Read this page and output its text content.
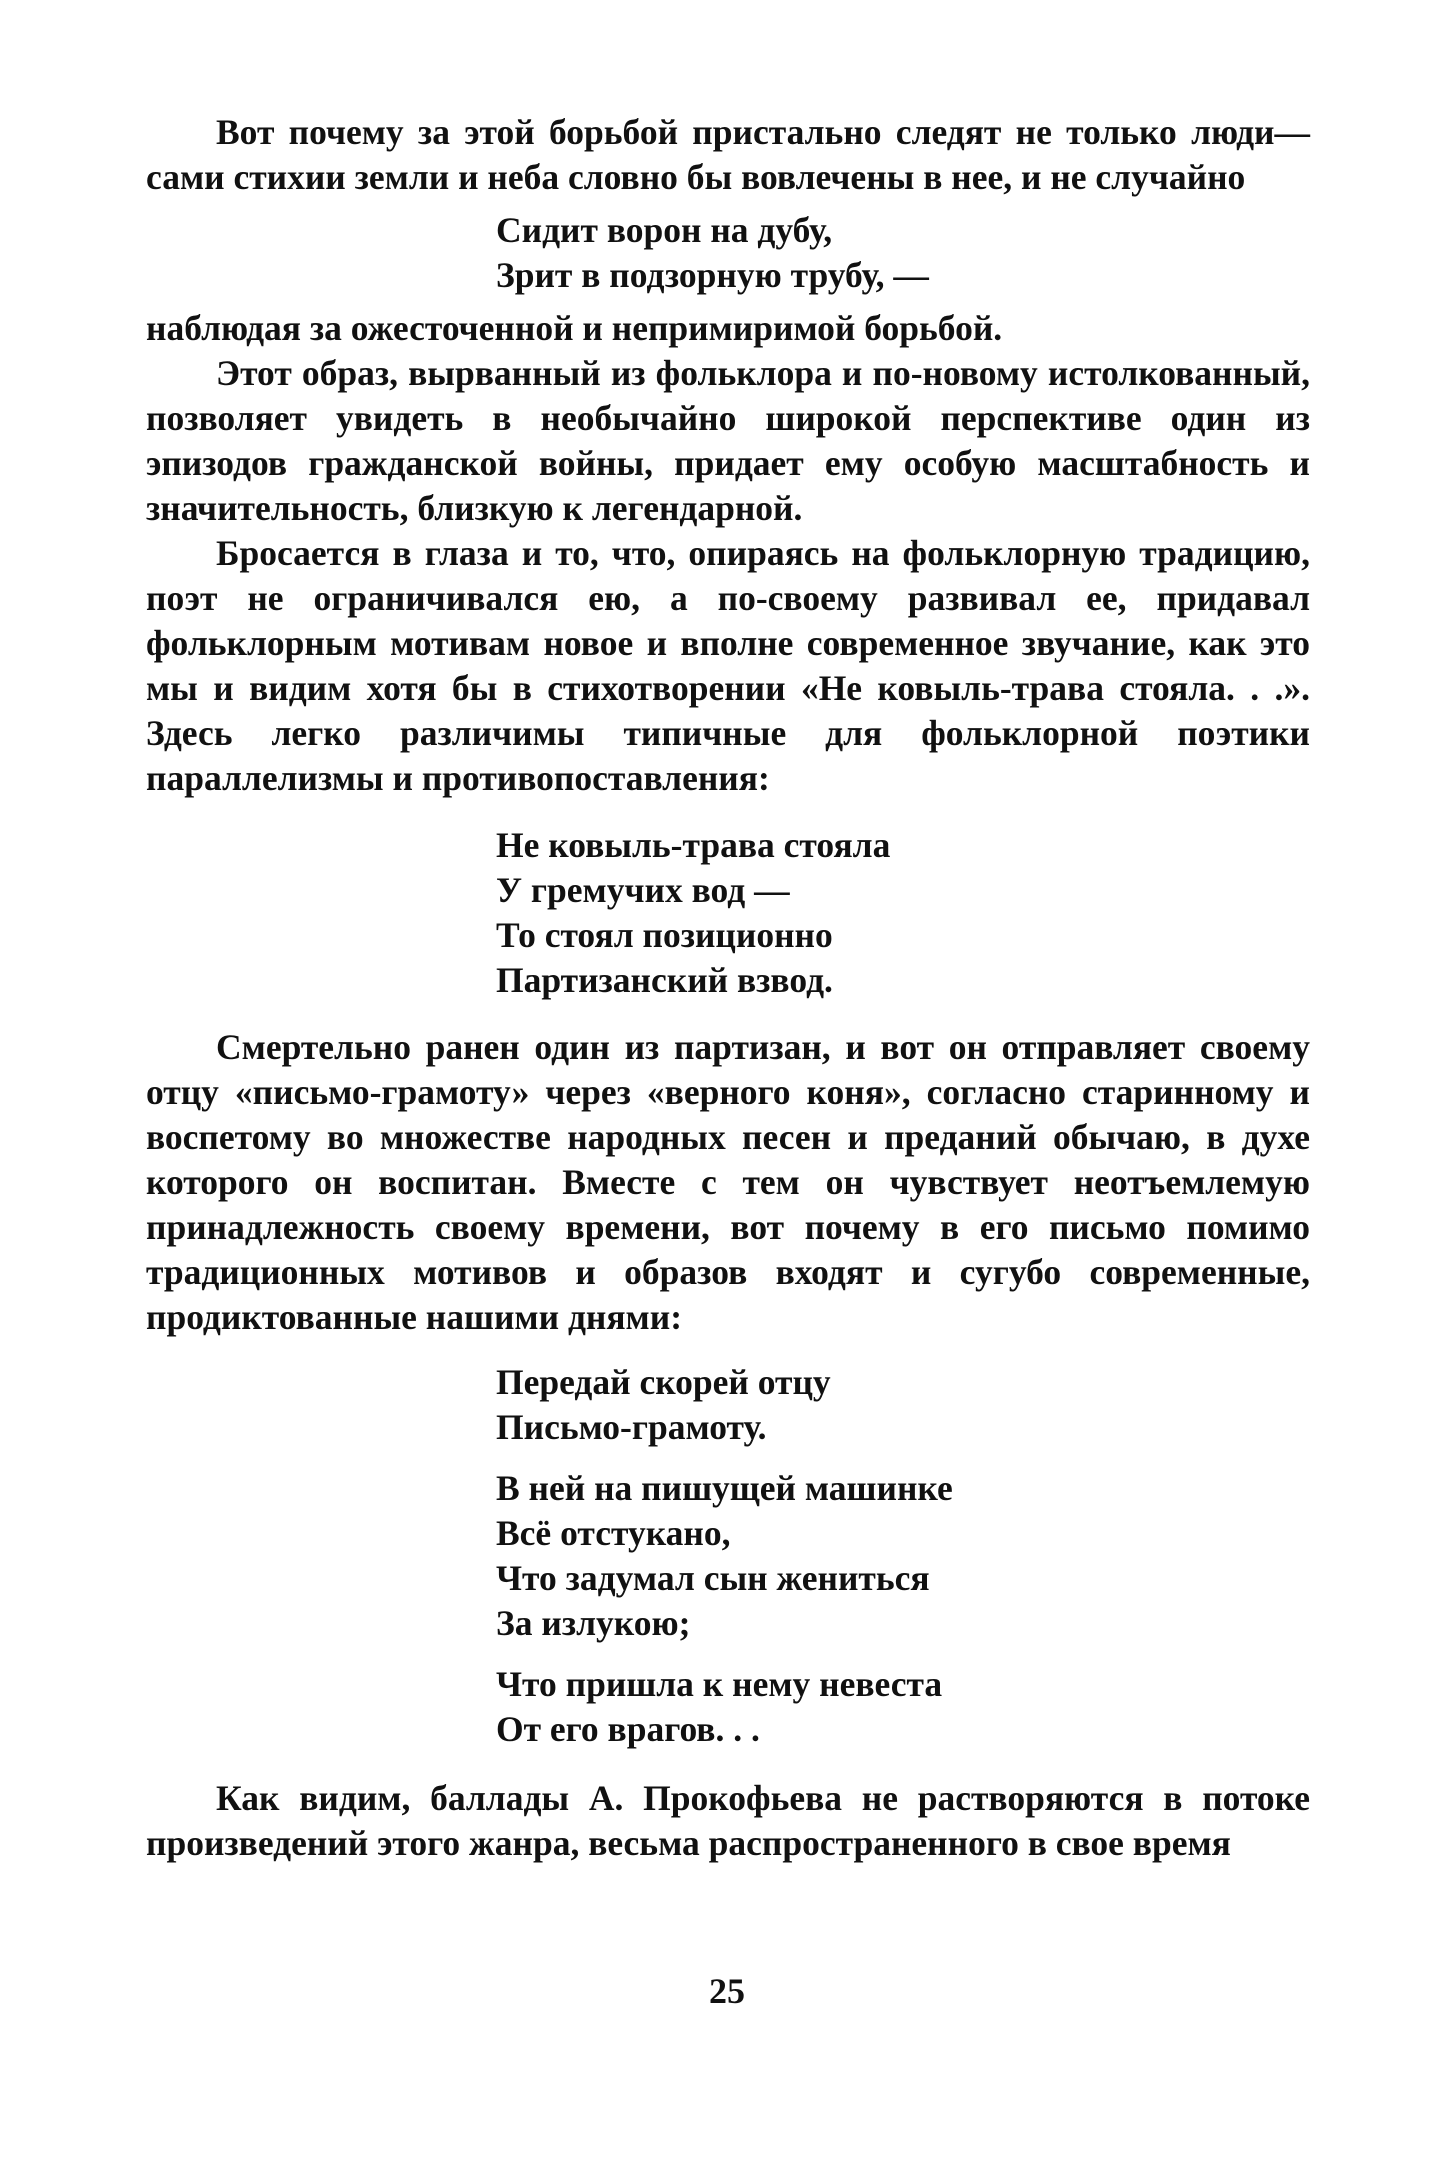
Вот почему за этой борьбой пристально следят не только люди— сами стихии земли и неба словно бы вовлечены в нее, и не случайно

Сидит ворон на дубу,
Зрит в подзорную трубу, —

наблюдая за ожесточенной и непримиримой борьбой.

Этот образ, вырванный из фольклора и по-новому истолкованный, позволяет увидеть в необычайно широкой перспективе один из эпизодов гражданской войны, придает ему особую масштабность и значительность, близкую к легендарной.

Бросается в глаза и то, что, опираясь на фольклорную традицию, поэт не ограничивался ею, а по-своему развивал ее, придавал фольклорным мотивам новое и вполне современное звучание, как это мы и видим хотя бы в стихотворении «Не ковыль-трава стояла. . .». Здесь легко различимы типичные для фольклорной поэтики параллелизмы и противопоставления:

Не ковыль-трава стояла
У гремучих вод —
То стоял позиционно
Партизанский взвод.

Смертельно ранен один из партизан, и вот он отправляет своему отцу «письмо-грамоту» через «верного коня», согласно старинному и воспетому во множестве народных песен и преданий обычаю, в духе которого он воспитан. Вместе с тем он чувствует неотъемлемую принадлежность своему времени, вот почему в его письмо помимо традиционных мотивов и образов входят и сугубо современные, продиктованные нашими днями:

Передай скорей отцу
Письмо-грамоту.
В ней на пишущей машинке
Всё отстукано,
Что задумал сын жениться
За излукою;
Что пришла к нему невеста
От его врагов. . .

Как видим, баллады А. Прокофьева не растворяются в потоке произведений этого жанра, весьма распространенного в свое время

25
